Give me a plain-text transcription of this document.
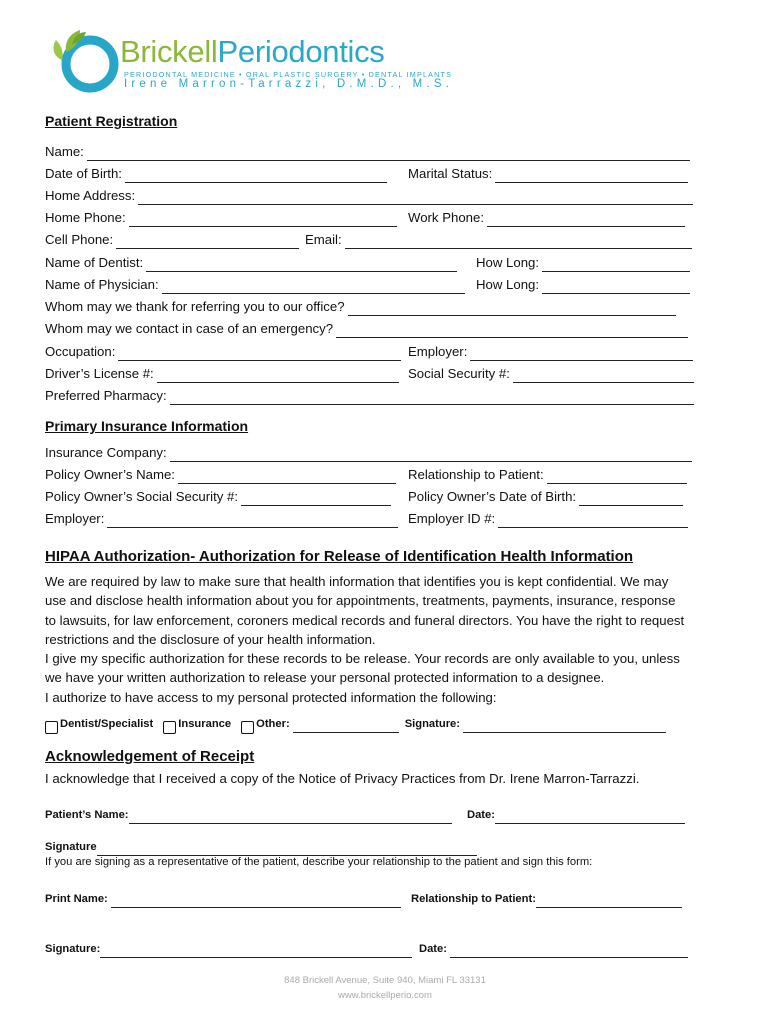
BrickellPeriodontics
PERIODONTAL MEDICINE • ORAL PLASTIC SURGERY • DENTAL IMPLANTS
Irene Marron-Tarrazzi, D.M.D., M.S.
Patient Registration
Name:
Date of Birth:	Marital Status:
Home Address:
Home Phone:	Work Phone:
Cell Phone:	Email:
Name of Dentist:	How Long:
Name of Physician:	How Long:
Whom may we thank for referring you to our office?
Whom may we contact in case of an emergency?
Occupation:	Employer:
Driver’s License #:	Social Security #:
Preferred Pharmacy:
Primary Insurance Information
Insurance Company:
Policy Owner’s Name:	Relationship to Patient:
Policy Owner’s Social Security #:	Policy Owner’s Date of Birth:
Employer:	Employer ID #:
HIPAA Authorization- Authorization for Release of Identification Health Information

We are required by law to make sure that health information that identifies you is kept confidential. We may use and disclose health information about you for appointments, treatments, payments, insurance, response to lawsuits, for law enforcement, coroners medical records and funeral directors. You have the right to request restrictions and the disclosure of your health information.

I give my specific authorization for these records to be release. Your records are only available to you, unless we have your written authorization to release your personal protected information to a designee.

I authorize to have access to my personal protected information the following:

Dentist/Specialist Insurance Other:	Signature:
Acknowledgement of Receipt
I acknowledge that I received a copy of the Notice of Privacy Practices from Dr. Irene Marron-Tarrazzi.
Patient’s Name:	Date:
Signature
If you are signing as a representative of the patient, describe your relationship to the patient and sign this form:
Print Name:	Relationship to Patient:
Signature:	Date:
848 Brickell Avenue, Suite 940, Miami FL 33131
www.brickellperio.com
